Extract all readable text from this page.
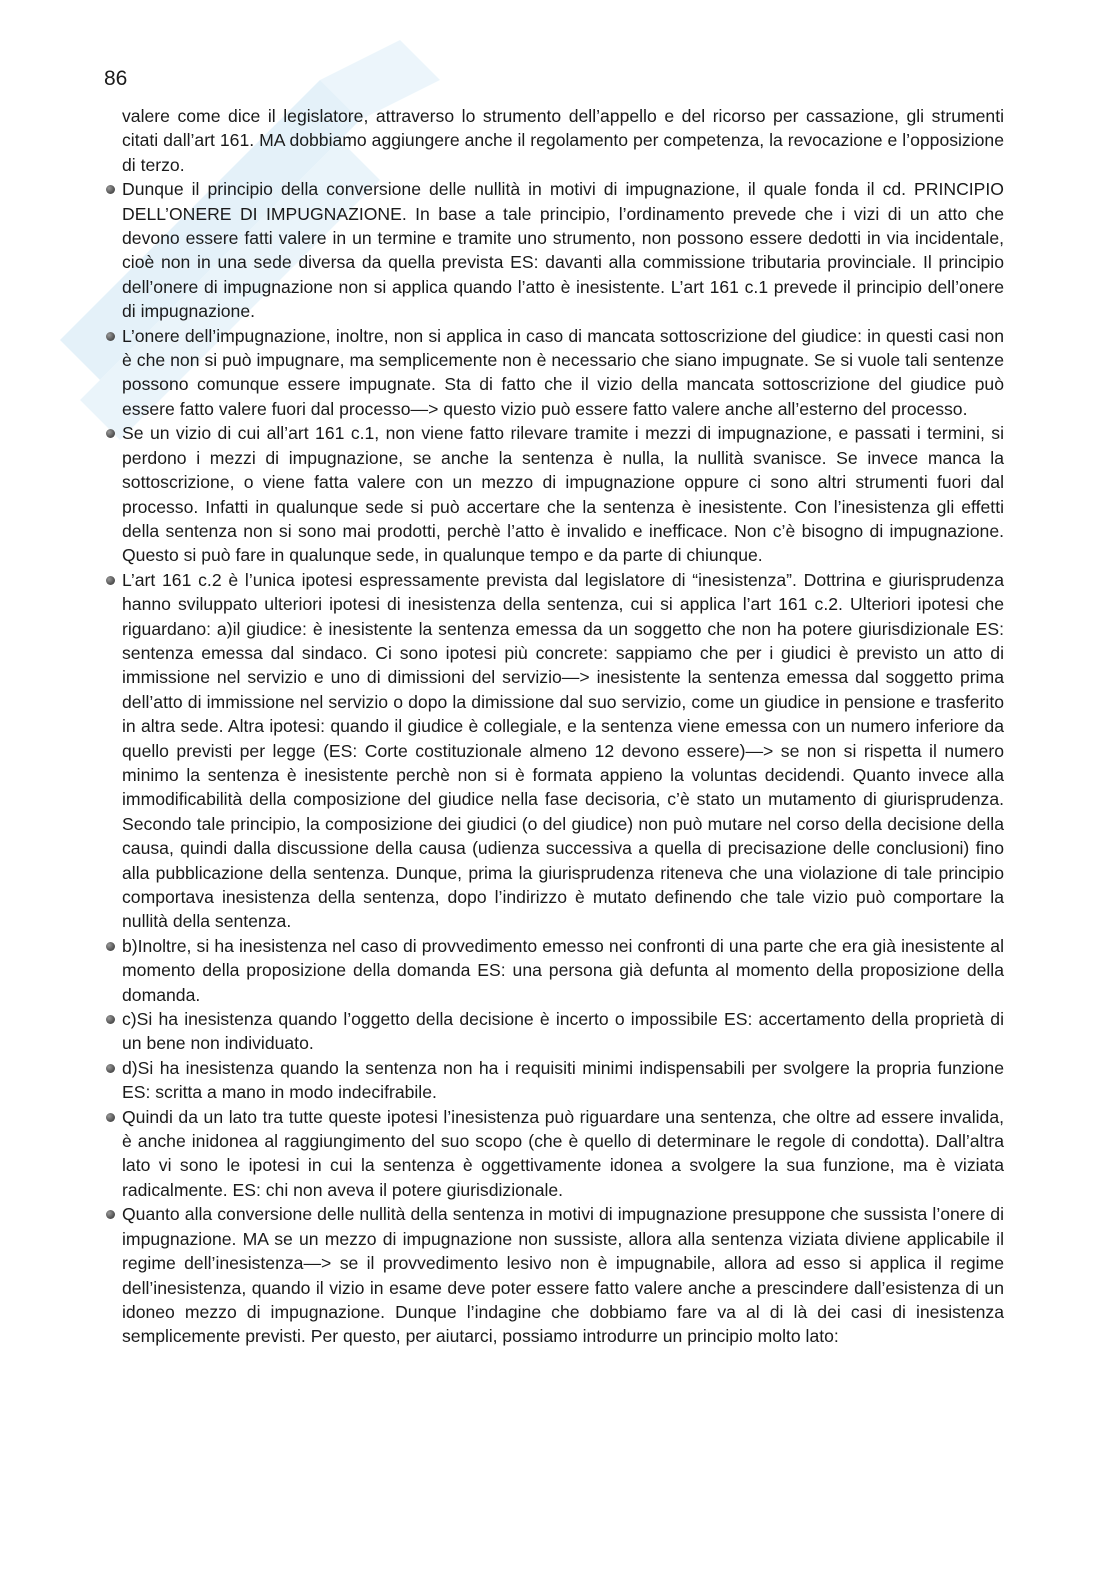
86

valere come dice il legislatore, attraverso lo strumento dell’appello e del ricorso per cassazione, gli strumenti citati dall’art 161. MA dobbiamo aggiungere anche il regolamento per competenza, la revocazione e l’opposizione di terzo.

Dunque il principio della conversione delle nullità in motivi di impugnazione, il quale fonda il cd. PRINCIPIO DELL’ONERE DI IMPUGNAZIONE. In base a tale principio, l’ordinamento prevede che i vizi di un atto che devono essere fatti valere in un termine e tramite uno strumento, non possono essere dedotti in via incidentale, cioè non in una sede diversa da quella prevista ES: davanti alla commissione tributaria provinciale. Il principio dell’onere di impugnazione non si applica quando l’atto è inesistente. L’art 161 c.1 prevede il principio dell’onere di impugnazione.

L’onere dell’impugnazione, inoltre, non si applica in caso di mancata sottoscrizione del giudice: in questi casi non è che non si può impugnare, ma semplicemente non è necessario che siano impugnate. Se si vuole tali sentenze possono comunque essere impugnate. Sta di fatto che il vizio della mancata sottoscrizione del giudice può essere fatto valere fuori dal processo—> questo vizio può essere fatto valere anche all’esterno del processo.

Se un vizio di cui all’art 161 c.1, non viene fatto rilevare tramite i mezzi di impugnazione, e passati i termini, si perdono i mezzi di impugnazione, se anche la sentenza è nulla, la nullità svanisce. Se invece manca la sottoscrizione, o viene fatta valere con un mezzo di impugnazione oppure ci sono altri strumenti fuori dal processo. Infatti in qualunque sede si può accertare che la sentenza è inesistente. Con l’inesistenza gli effetti della sentenza non si sono mai prodotti, perchè l’atto è invalido e inefficace. Non c’è bisogno di impugnazione. Questo si può fare in qualunque sede, in qualunque tempo e da parte di chiunque.

L’art 161 c.2 è l’unica ipotesi espressamente prevista dal legislatore di “inesistenza”. Dottrina e giurisprudenza hanno sviluppato ulteriori ipotesi di inesistenza della sentenza, cui si applica l’art 161 c.2. Ulteriori ipotesi che riguardano: a)il giudice: è inesistente la sentenza emessa da un soggetto che non ha potere giurisdizionale ES: sentenza emessa dal sindaco. Ci sono ipotesi più concrete: sappiamo che per i giudici è previsto un atto di immissione nel servizio e uno di dimissioni del servizio—> inesistente la sentenza emessa dal soggetto prima dell’atto di immissione nel servizio o dopo la dimissione dal suo servizio, come un giudice in pensione e trasferito in altra sede. Altra ipotesi: quando il giudice è collegiale, e la sentenza viene emessa con un numero inferiore da quello previsti per legge (ES: Corte costituzionale almeno 12 devono essere)—> se non si rispetta il numero minimo la sentenza è inesistente perchè non si è formata appieno la voluntas decidendi. Quanto invece alla immodificabilità della composizione del giudice nella fase decisoria, c’è stato un mutamento di giurisprudenza. Secondo tale principio, la composizione dei giudici (o del giudice) non può mutare nel corso della decisione della causa, quindi dalla discussione della causa (udienza successiva a quella di precisazione delle conclusioni) fino alla pubblicazione della sentenza. Dunque, prima la giurisprudenza riteneva che una violazione di tale principio comportava inesistenza della sentenza, dopo l’indirizzo è mutato definendo che tale vizio può comportare la nullità della sentenza.

b)Inoltre, si ha inesistenza nel caso di provvedimento emesso nei confronti di una parte che era già inesistente al momento della proposizione della domanda ES: una persona già defunta al momento della proposizione della domanda.

c)Si ha inesistenza quando l’oggetto della decisione è incerto o impossibile ES: accertamento della proprietà di un bene non individuato.

d)Si ha inesistenza quando la sentenza non ha i requisiti minimi indispensabili per svolgere la propria funzione ES: scritta a mano in modo indecifrabile.

Quindi da un lato tra tutte queste ipotesi l’inesistenza può riguardare una sentenza, che oltre ad essere invalida, è anche inidonea al raggiungimento del suo scopo (che è quello di determinare le regole di condotta). Dall’altra lato vi sono le ipotesi in cui la sentenza è oggettivamente idonea a svolgere la sua funzione, ma è viziata radicalmente. ES: chi non aveva il potere giurisdizionale.

Quanto alla conversione delle nullità della sentenza in motivi di impugnazione presuppone che sussista l’onere di impugnazione. MA se un mezzo di impugnazione non sussiste, allora alla sentenza viziata diviene applicabile il regime dell’inesistenza—> se il provvedimento lesivo non è impugnabile, allora ad esso si applica il regime dell’inesistenza, quando il vizio in esame deve poter essere fatto valere anche a prescindere dall’esistenza di un idoneo mezzo di impugnazione. Dunque l’indagine che dobbiamo fare va al di là dei casi di inesistenza semplicemente previsti. Per questo, per aiutarci, possiamo introdurre un principio molto lato:
